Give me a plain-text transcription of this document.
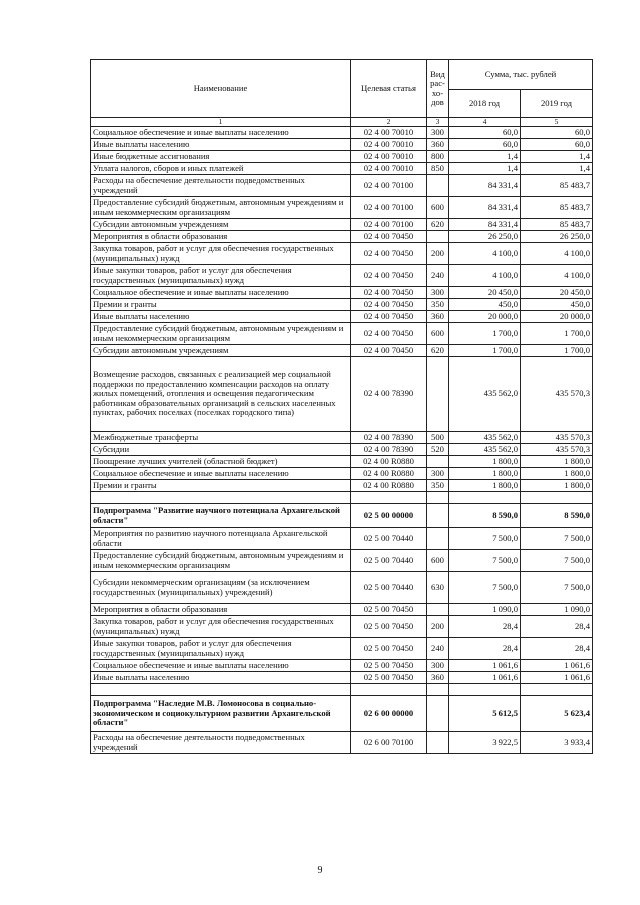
Наименование	Целевая статья	Вид рас-хо-дов	Сумма, тыс. рублей	
			2018 год	2019 год
1	2	3	4	5
Социальное обеспечение и иные выплаты населению	02 4 00 70010	300	60,0	60,0
Иные выплаты населению	02 4 00 70010	360	60,0	60,0
Иные бюджетные ассигнования	02 4 00 70010	800	1,4	1,4
Уплата налогов, сборов и иных платежей	02 4 00 70010	850	1,4	1,4
Расходы на обеспечение деятельности подведомственных учреждений	02 4 00 70100		84 331,4	85 483,7
Предоставление субсидий бюджетным, автономным учреждениям и иным некоммерческим организациям	02 4 00 70100	600	84 331,4	85 483,7
Субсидии автономным учреждениям	02 4 00 70100	620	84 331,4	85 483,7
Мероприятия в области образования	02 4 00 70450		26 250,0	26 250,0
Закупка товаров, работ и услуг для обеспечения государственных (муниципальных) нужд	02 4 00 70450	200	4 100,0	4 100,0
Иные закупки товаров, работ и услуг для обеспечения государственных (муниципальных) нужд	02 4 00 70450	240	4 100,0	4 100,0
Социальное обеспечение и иные выплаты населению	02 4 00 70450	300	20 450,0	20 450,0
Премии и гранты	02 4 00 70450	350	450,0	450,0
Иные выплаты населению	02 4 00 70450	360	20 000,0	20 000,0
Предоставление субсидий бюджетным, автономным учреждениям и иным некоммерческим организациям	02 4 00 70450	600	1 700,0	1 700,0
Субсидии автономным учреждениям	02 4 00 70450	620	1 700,0	1 700,0
Возмещение расходов, связанных с реализацией мер социальной поддержки по предоставлению компенсации расходов на оплату жилых помещений, отопления и освещения педагогическим работникам образовательных организаций в сельских населенных пунктах, рабочих поселках (поселках городского типа)	02 4 00 78390		435 562,0	435 570,3
Межбюджетные трансферты	02 4 00 78390	500	435 562,0	435 570,3
Субсидии	02 4 00 78390	520	435 562,0	435 570,3
Поощрение лучших учителей (областной бюджет)	02 4 00 R0880		1 800,0	1 800,0
Социальное обеспечение и иные выплаты населению	02 4 00 R0880	300	1 800,0	1 800,0
Премии и гранты	02 4 00 R0880	350	1 800,0	1 800,0

Подпрограмма "Развитие научного потенциала Архангельской области"	02 5 00 00000		8 590,0	8 590,0
Мероприятия по развитию научного потенциала Архангельской области	02 5 00 70440		7 500,0	7 500,0
Предоставление субсидий бюджетным, автономным учреждениям и иным некоммерческим организациям	02 5 00 70440	600	7 500,0	7 500,0
Субсидии некоммерческим организациям (за исключением государственных (муниципальных) учреждений)	02 5 00 70440	630	7 500,0	7 500,0
Мероприятия в области образования	02 5 00 70450		1 090,0	1 090,0
Закупка товаров, работ и услуг для обеспечения государственных (муниципальных) нужд	02 5 00 70450	200	28,4	28,4
Иные закупки товаров, работ и услуг для обеспечения государственных (муниципальных) нужд	02 5 00 70450	240	28,4	28,4
Социальное обеспечение и иные выплаты населению	02 5 00 70450	300	1 061,6	1 061,6
Иные выплаты населению	02 5 00 70450	360	1 061,6	1 061,6

Подпрограмма "Наследие М.В. Ломоносова в социально-экономическом и социокультурном развитии Архангельской области"	02 6 00 00000		5 612,5	5 623,4
Расходы на обеспечение деятельности подведомственных учреждений	02 6 00 70100		3 922,5	3 933,4
9
